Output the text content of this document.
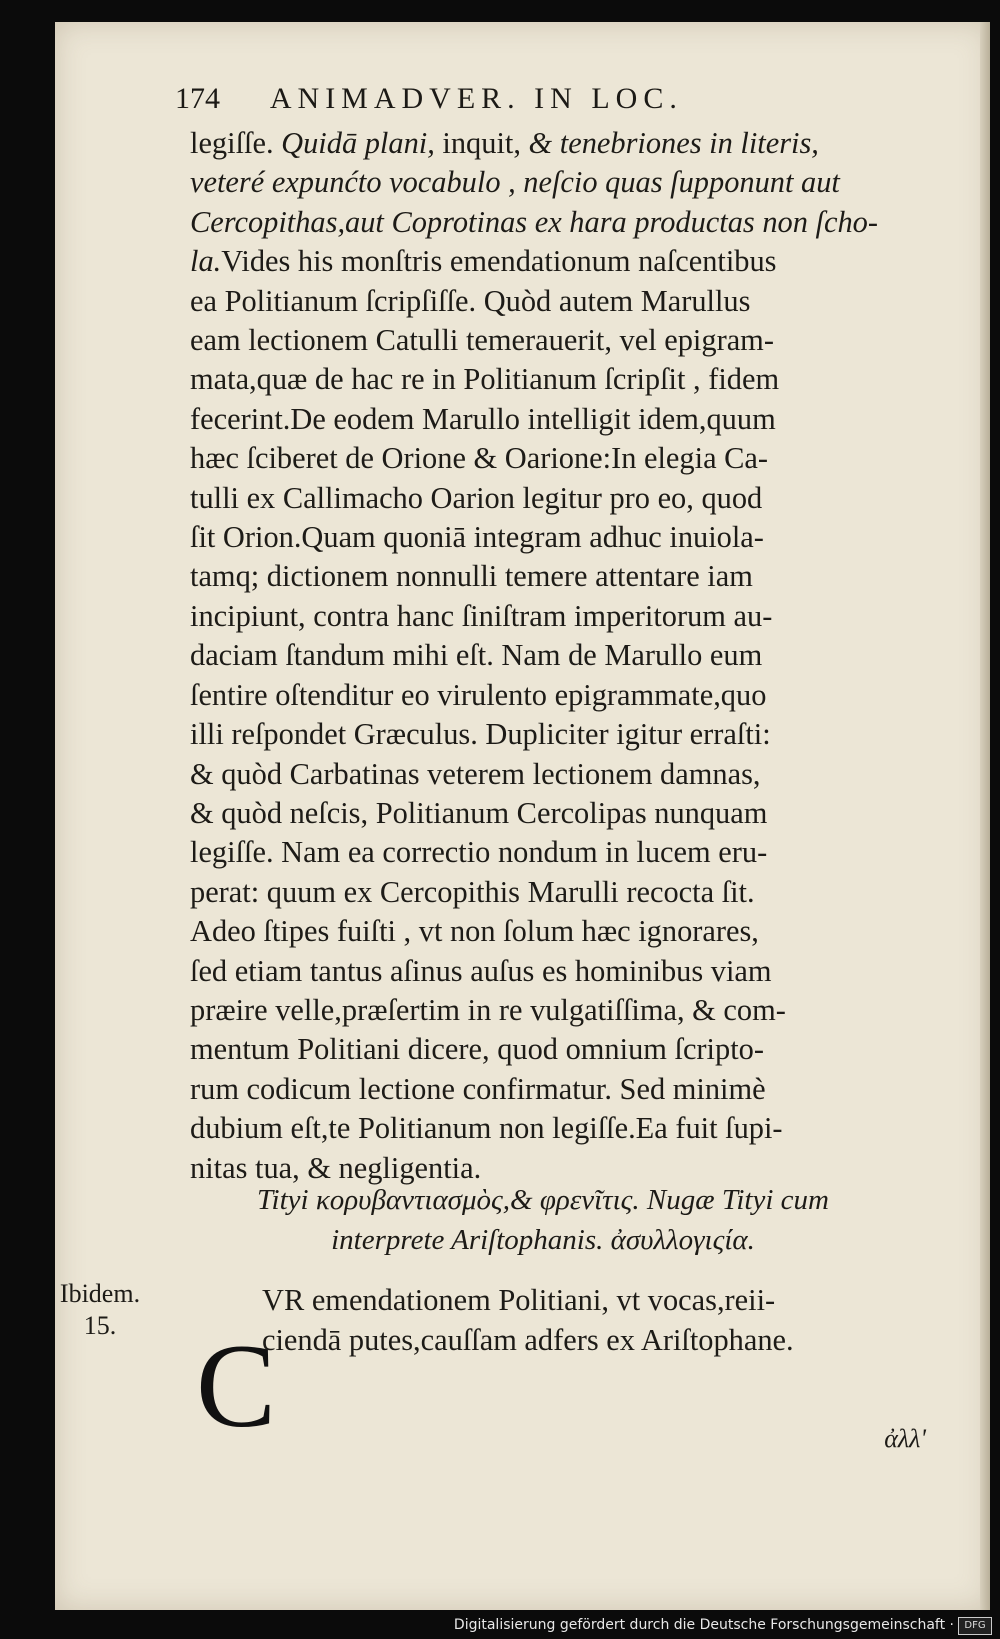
174 ANIMADVER. IN LOC.
legiſſe. Quidā plani, inquit, & tenebriones in literis,
veteré expunćto vocabulo , neſcio quas ſupponunt aut
Cercopithas,aut Coprotinas ex hara productas non ſcho-
la.Vides his monſtris emendationum naſcentibus
ea Politianum ſcripſiſſe. Quòd autem Marullus
eam lectionem Catulli temerauerit, vel epigram-
mata,quæ de hac re in Politianum ſcripſit , fidem
fecerint.De eodem Marullo intelligit idem,quum
hæc ſciberet de Orione & Oarione:In elegia Ca-
tulli ex Callimacho Oarion legitur pro eo, quod
ſit Orion.Quam quoniā integram adhuc inuiola-
tamq; dictionem nonnulli temere attentare iam
incipiunt, contra hanc ſiniſtram imperitorum au-
daciam ſtandum mihi eſt. Nam de Marullo eum
ſentire oſtenditur eo virulento epigrammate,quo
illi reſpondet Græculus. Dupliciter igitur erraſti:
& quòd Carbatinas veterem lectionem damnas,
& quòd neſcis, Politianum Cercolipas nunquam
legiſſe. Nam ea correctio nondum in lucem eru-
perat: quum ex Cercopithis Marulli recocta ſit.
Adeo ſtipes fuiſti , vt non ſolum hæc ignorares,
ſed etiam tantus aſinus auſus es hominibus viam
præire velle,præſertim in re vulgatiſſima, & com-
mentum Politiani dicere, quod omnium ſcripto-
rum codicum lectione confirmatur. Sed minimè
dubium eſt,te Politianum non legiſſe.Ea fuit ſupi-
nitas tua, & negligentia.
Tityi κορυβαντιασμὸς,& φρενῖτις. Nugæ Tityi cum
interprete Ariſtophanis. ἀσυλλογιςία.
Ibidem.
15. C
VR emendationem Politiani, vt vocas,reii-
ciendā putes,cauſſam adfers ex Ariſtophane.
ἀλλ'
Digitalisierung gefördert durch die Deutsche Forschungsgemeinschaft ·	DFG
